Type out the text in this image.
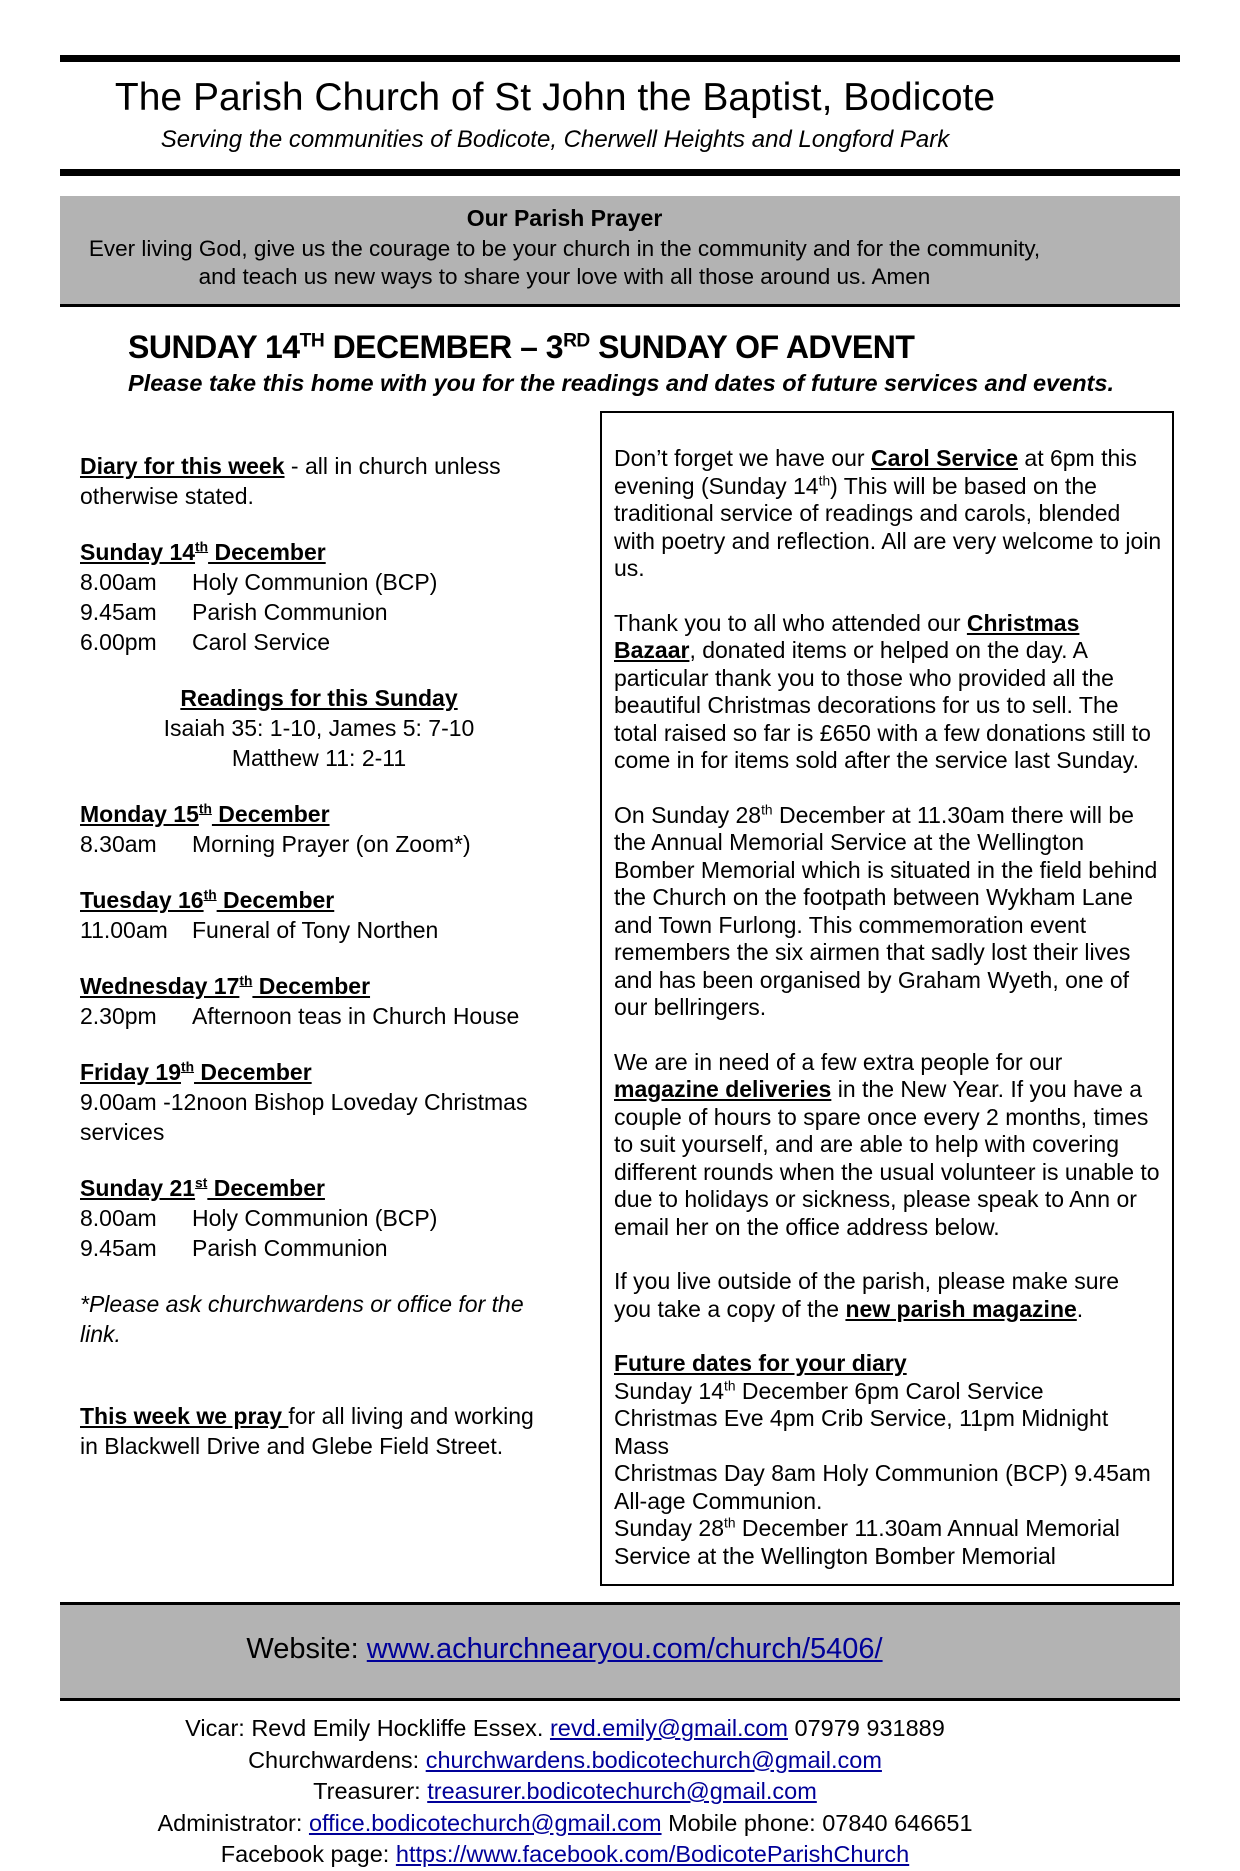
The Parish Church of St John the Baptist, Bodicote
Serving the communities of Bodicote, Cherwell Heights and Longford Park
Our Parish Prayer
Ever living God, give us the courage to be your church in the community and for the community, and teach us new ways to share your love with all those around us. Amen
SUNDAY 14TH DECEMBER – 3RD SUNDAY OF ADVENT
Please take this home with you for the readings and dates of future services and events.
Diary for this week - all in church unless otherwise stated.
Sunday 14th December
8.00am Holy Communion (BCP)
9.45am Parish Communion
6.00pm Carol Service
Readings for this Sunday
Isaiah 35: 1-10, James 5: 7-10
Matthew 11: 2-11
Monday 15th December
8.30am Morning Prayer (on Zoom*)
Tuesday 16th December
11.00am Funeral of Tony Northen
Wednesday 17th December
2.30pm Afternoon teas in Church House
Friday 19th December
9.00am -12noon Bishop Loveday Christmas services
Sunday 21st December
8.00am Holy Communion (BCP)
9.45am Parish Communion
*Please ask churchwardens or office for the link.
This week we pray for all living and working in Blackwell Drive and Glebe Field Street.
Don’t forget we have our Carol Service at 6pm this evening (Sunday 14th) This will be based on the traditional service of readings and carols, blended with poetry and reflection. All are very welcome to join us.
Thank you to all who attended our Christmas Bazaar, donated items or helped on the day. A particular thank you to those who provided all the beautiful Christmas decorations for us to sell. The total raised so far is £650 with a few donations still to come in for items sold after the service last Sunday.
On Sunday 28th December at 11.30am there will be the Annual Memorial Service at the Wellington Bomber Memorial which is situated in the field behind the Church on the footpath between Wykham Lane and Town Furlong. This commemoration event remembers the six airmen that sadly lost their lives and has been organised by Graham Wyeth, one of our bellringers.
We are in need of a few extra people for our magazine deliveries in the New Year. If you have a couple of hours to spare once every 2 months, times to suit yourself, and are able to help with covering different rounds when the usual volunteer is unable to due to holidays or sickness, please speak to Ann or email her on the office address below.
If you live outside of the parish, please make sure you take a copy of the new parish magazine.
Future dates for your diary
Sunday 14th December 6pm Carol Service
Christmas Eve 4pm Crib Service, 11pm Midnight Mass
Christmas Day 8am Holy Communion (BCP) 9.45am All-age Communion.
Sunday 28th December 11.30am Annual Memorial Service at the Wellington Bomber Memorial
Website: www.achurchnearyou.com/church/5406/
Vicar: Revd Emily Hockliffe Essex. revd.emily@gmail.com 07979 931889
Churchwardens: churchwardens.bodicotechurch@gmail.com
Treasurer: treasurer.bodicotechurch@gmail.com
Administrator: office.bodicotechurch@gmail.com Mobile phone: 07840 646651
Facebook page: https://www.facebook.com/BodicoteParishChurch
